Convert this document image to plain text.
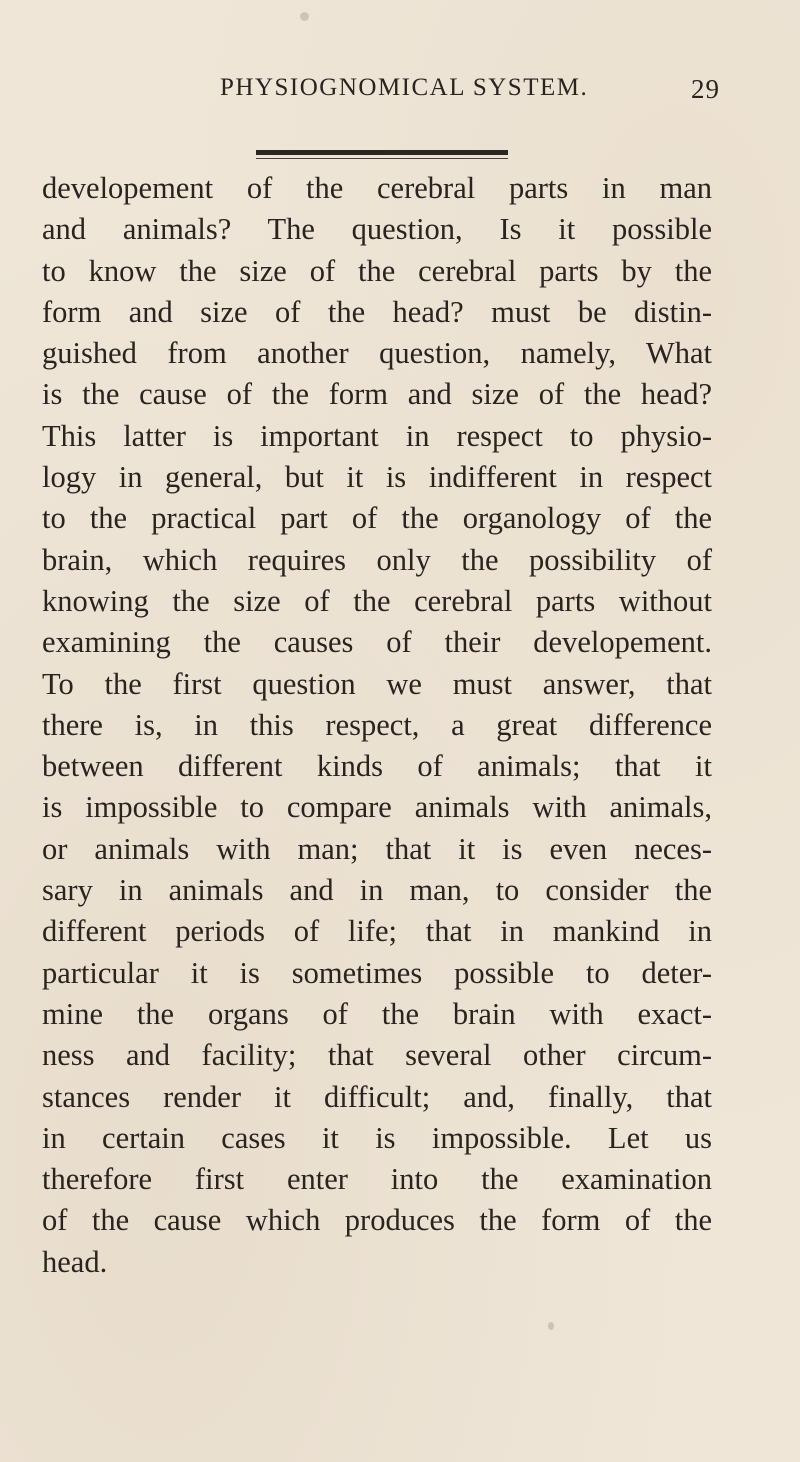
PHYSIOGNOMICAL SYSTEM.	29
developement of the cerebral parts in man
and animals? The question, Is it possible
to know the size of the cerebral parts by the
form and size of the head? must be distin-
guished from another question, namely, What
is the cause of the form and size of the head?
This latter is important in respect to physio-
logy in general, but it is indifferent in respect
to the practical part of the organology of the
brain, which requires only the possibility of
knowing the size of the cerebral parts without
examining the causes of their developement.
To the first question we must answer, that
there is, in this respect, a great difference
between different kinds of animals; that it
is impossible to compare animals with animals,
or animals with man; that it is even neces-
sary in animals and in man, to consider the
different periods of life; that in mankind in
particular it is sometimes possible to deter-
mine the organs of the brain with exact-
ness and facility; that several other circum-
stances render it difficult; and, finally, that
in certain cases it is impossible. Let us
therefore first enter into the examination
of the cause which produces the form of the
head.
